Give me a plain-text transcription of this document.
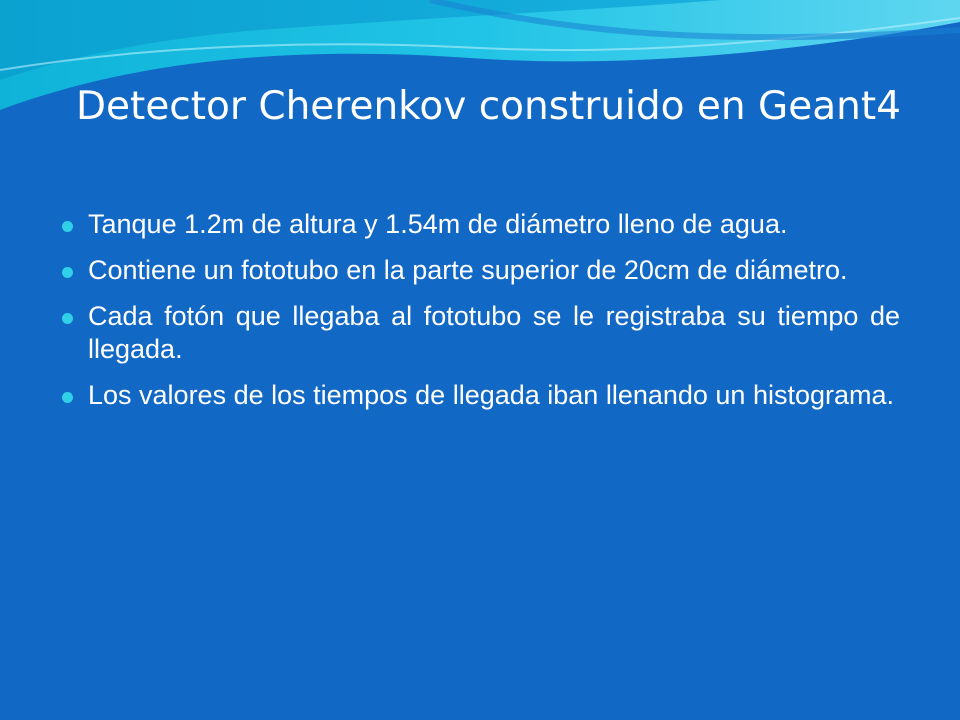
Detector Cherenkov construido en Geant4
Tanque 1.2m de altura y 1.54m de diámetro lleno de agua.
Contiene un fototubo en la parte superior de 20cm de diámetro.
Cada fotón que llegaba al fototubo se le registraba su tiempo de llegada.
Los valores de los tiempos de llegada iban llenando un histograma.
